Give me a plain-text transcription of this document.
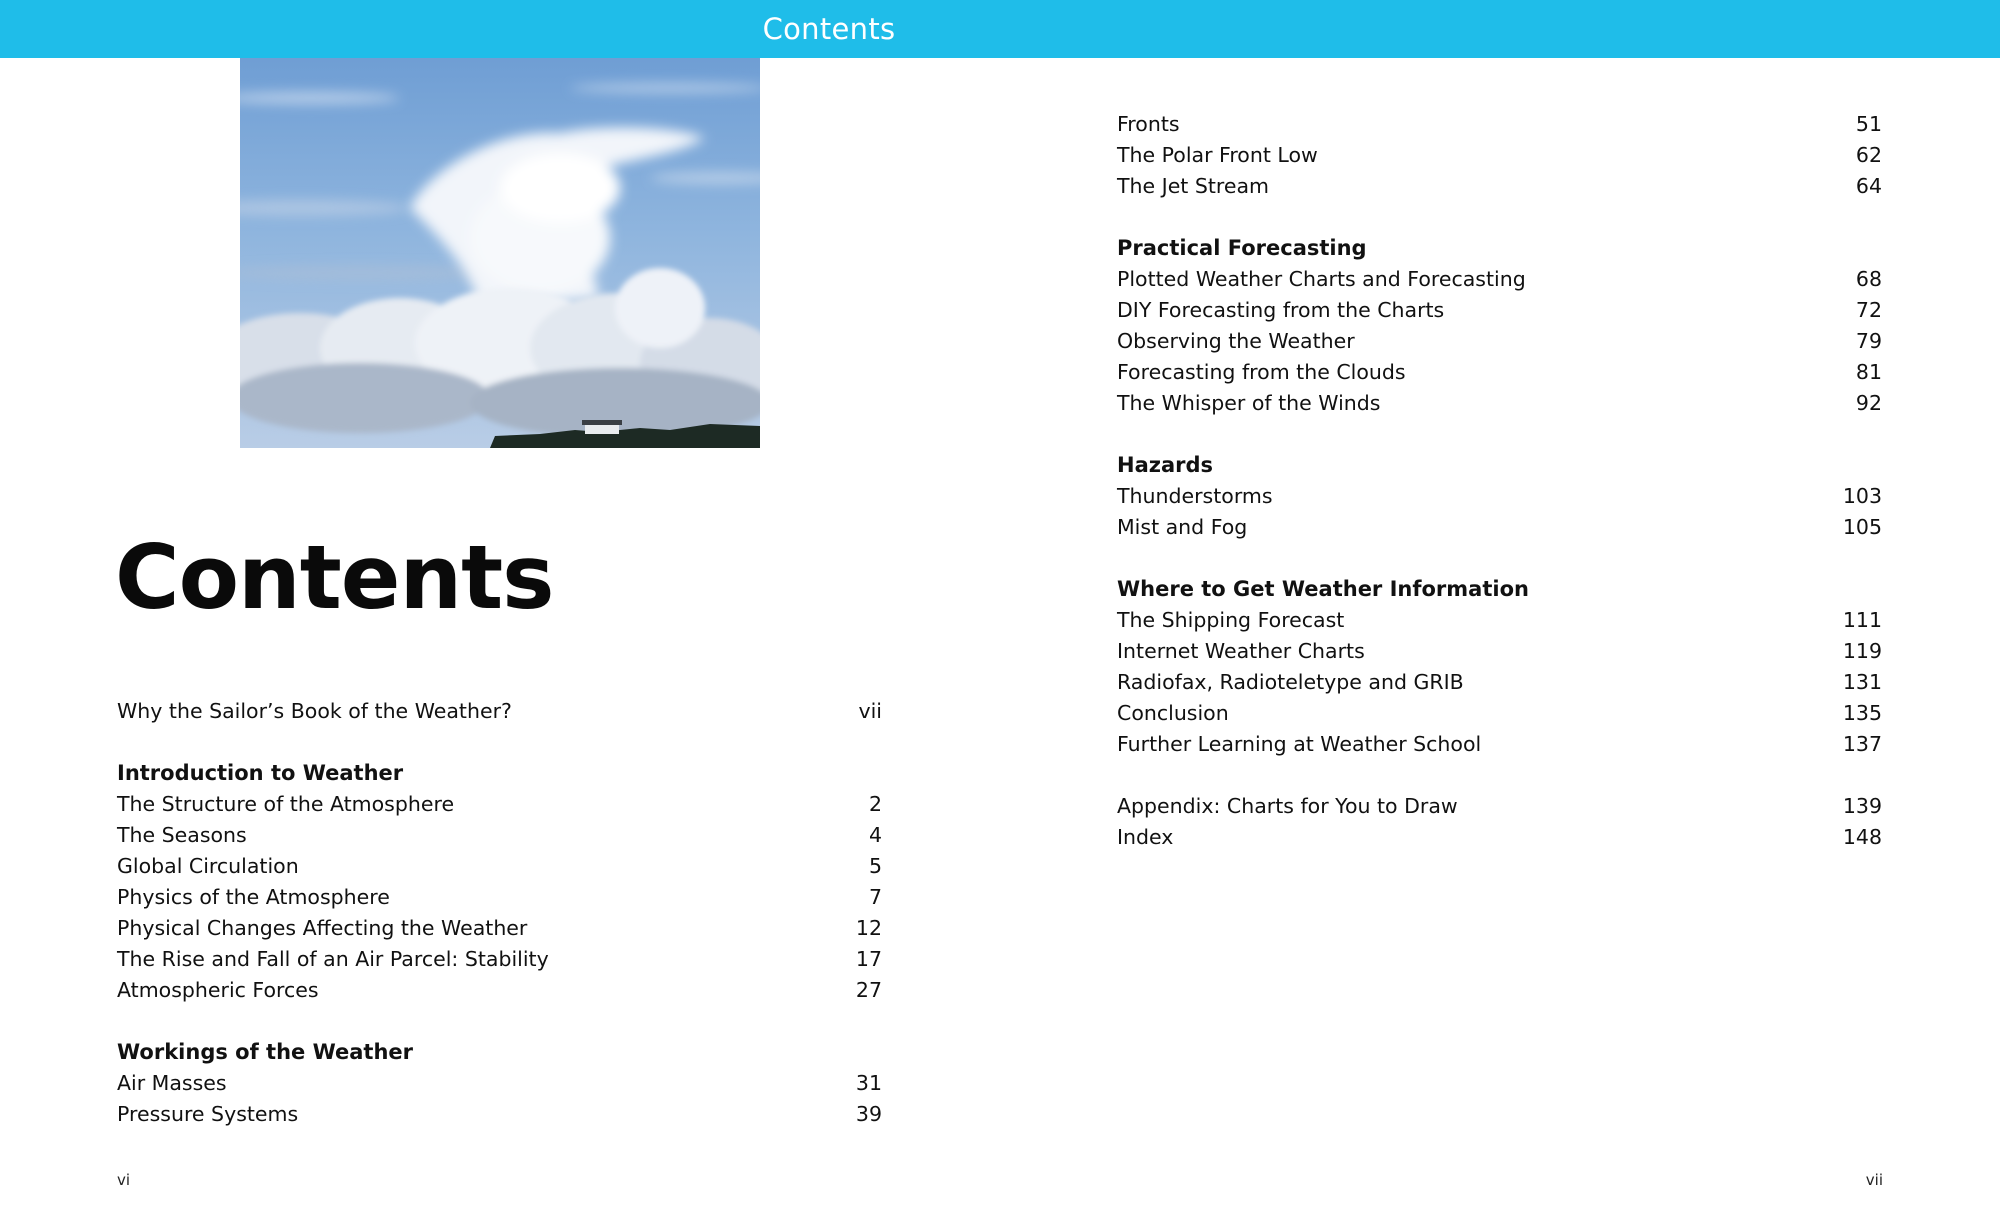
Contents
Contents
Why the Sailor’s Book of the Weather?	vii
Introduction to Weather
The Structure of the Atmosphere	2
The Seasons	4
Global Circulation	5
Physics of the Atmosphere	7
Physical Changes Affecting the Weather	12
The Rise and Fall of an Air Parcel: Stability	17
Atmospheric Forces	27
Workings of the Weather
Air Masses	31
Pressure Systems	39
Fronts	51
The Polar Front Low	62
The Jet Stream	64
Practical Forecasting
Plotted Weather Charts and Forecasting	68
DIY Forecasting from the Charts	72
Observing the Weather	79
Forecasting from the Clouds	81
The Whisper of the Winds	92
Hazards
Thunderstorms	103
Mist and Fog	105
Where to Get Weather Information
The Shipping Forecast	111
Internet Weather Charts	119
Radiofax, Radioteletype and GRIB	131
Conclusion	135
Further Learning at Weather School	137
Appendix: Charts for You to Draw	139
Index	148
vi	vii
